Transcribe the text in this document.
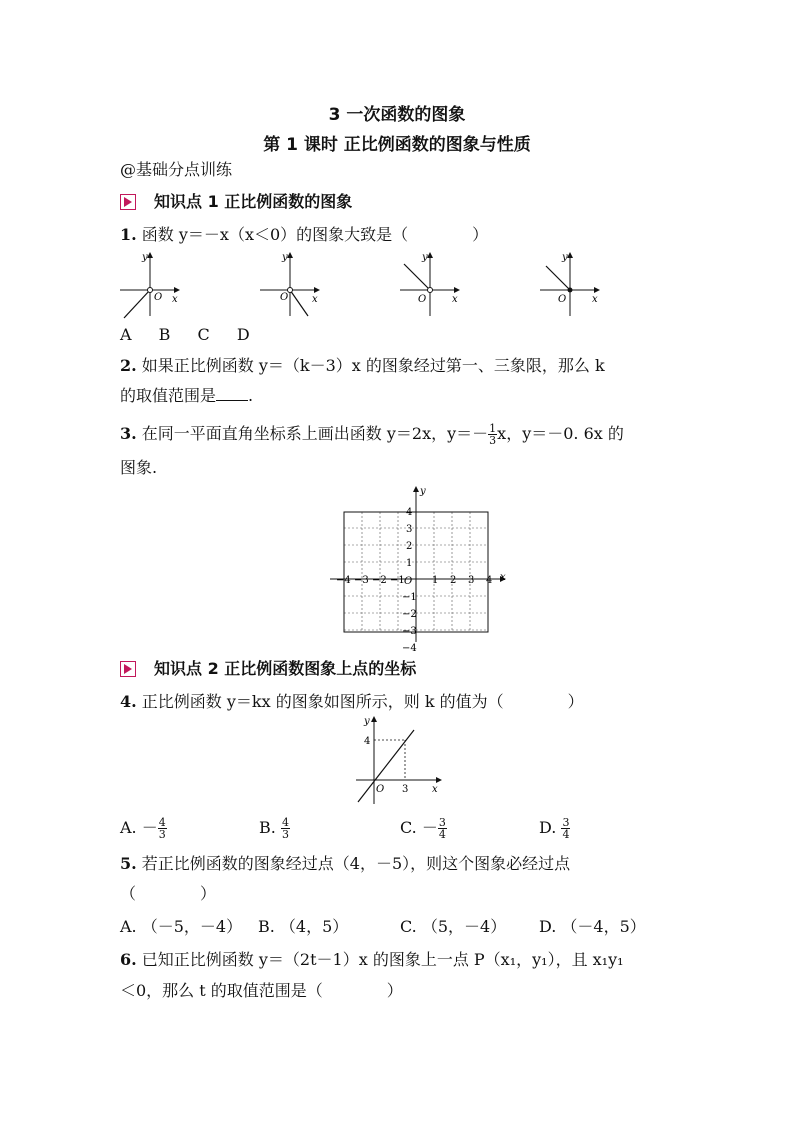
3 一次函数的图象
第 1 课时 正比例函数的图象与性质
@基础分点训练
知识点 1 正比例函数的图象
1. 函数 y＝－x（x＜0）的图象大致是（　　　　）
O x
y
O x
y
O	x
y
O	x
y
A　 B　 C　 D
2. 如果正比例函数 y＝（k－3）x 的图象经过第一、三象限，那么 k
的取值范围是 .
3. 在同一平面直角坐标系上画出函数 y＝2x，$y=- \frac{1}{3}$ x，y＝－0. 6x 的
图象.
x
y
O
−4 −3 −2 −1	1 2 3 4
4
3
2
1
−1
−2
−3
−4
知识点 2 正比例函数图象上点的坐标
4. 正比例函数 y＝kx 的图象如图所示，则 k 的值为（　　　　）
4
3
O	x
y
A. － $\frac{4}{3}$	B. $\frac{4}{3}$	C. － $\frac{3}{4}$	D. $\frac{3}{4}$
5. 若正比例函数的图象经过点（4，－5），则这个图象必经过点
（　　　　）
A. （－5，－4） B. （4，5）	C. （5，－4） D. （－4，5）
6. 已知正比例函数 y＝（2t－1）x 的图象上一点 P（x₁，y₁），且 x₁y₁
＜0，那么 t 的取值范围是（　　　　）
